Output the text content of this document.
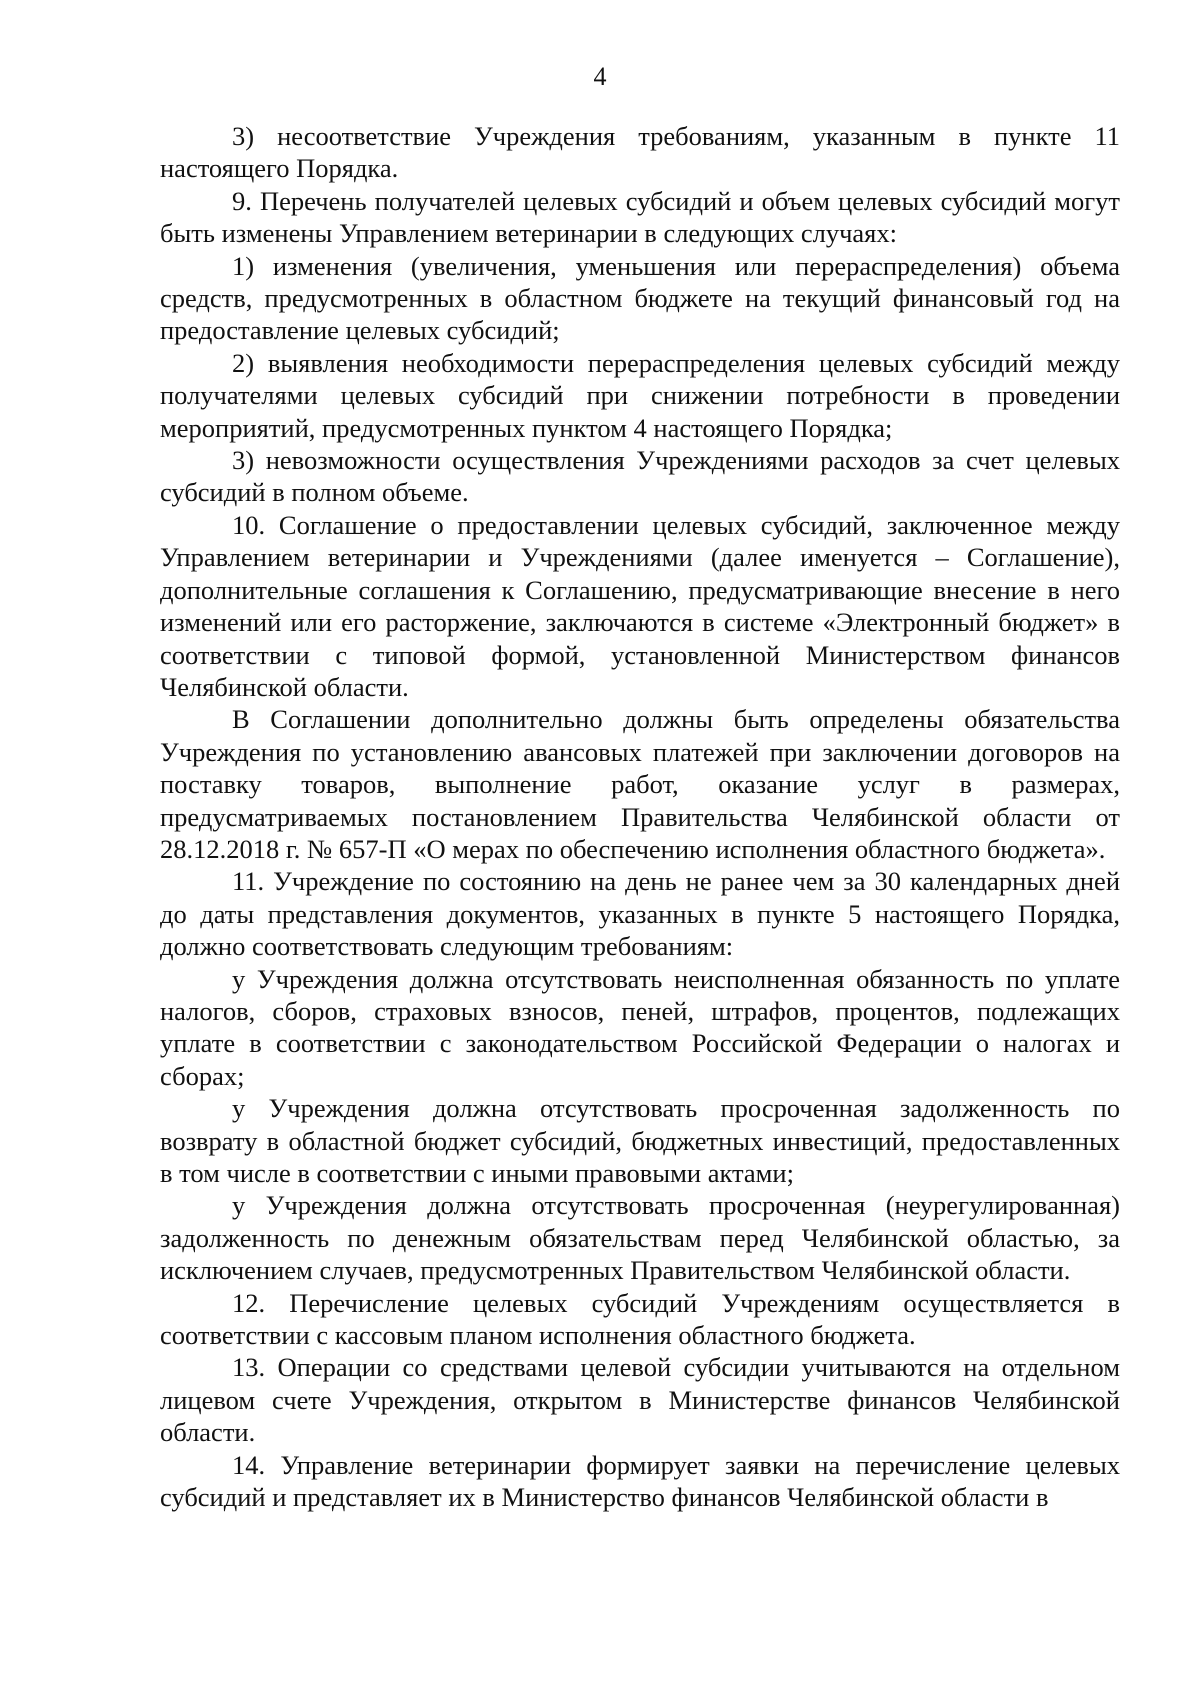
4

3) несоответствие Учреждения требованиям, указанным в пункте 11 настоящего Порядка.

9. Перечень получателей целевых субсидий и объем целевых субсидий могут быть изменены Управлением ветеринарии в следующих случаях:

1) изменения (увеличения, уменьшения или перераспределения) объема средств, предусмотренных в областном бюджете на текущий финансовый год на предоставление целевых субсидий;

2) выявления необходимости перераспределения целевых субсидий между получателями целевых субсидий при снижении потребности в проведении мероприятий, предусмотренных пунктом 4 настоящего Порядка;

3) невозможности осуществления Учреждениями расходов за счет целевых субсидий в полном объеме.

10. Соглашение о предоставлении целевых субсидий, заключенное между Управлением ветеринарии и Учреждениями (далее именуется – Соглашение), дополнительные соглашения к Соглашению, предусматривающие внесение в него изменений или его расторжение, заключаются в системе «Электронный бюджет» в соответствии с типовой формой, установленной Министерством финансов Челябинской области.

В Соглашении дополнительно должны быть определены обязательства Учреждения по установлению авансовых платежей при заключении договоров на поставку товаров, выполнение работ, оказание услуг в размерах, предусматриваемых постановлением Правительства Челябинской области от 28.12.2018 г. № 657-П «О мерах по обеспечению исполнения областного бюджета».

11. Учреждение по состоянию на день не ранее чем за 30 календарных дней до даты представления документов, указанных в пункте 5 настоящего Порядка, должно соответствовать следующим требованиям:

у Учреждения должна отсутствовать неисполненная обязанность по уплате налогов, сборов, страховых взносов, пеней, штрафов, процентов, подлежащих уплате в соответствии с законодательством Российской Федерации о налогах и сборах;

у Учреждения должна отсутствовать просроченная задолженность по возврату в областной бюджет субсидий, бюджетных инвестиций, предоставленных в том числе в соответствии с иными правовыми актами;

у Учреждения должна отсутствовать просроченная (неурегулированная) задолженность по денежным обязательствам перед Челябинской областью, за исключением случаев, предусмотренных Правительством Челябинской области.

12. Перечисление целевых субсидий Учреждениям осуществляется в соответствии с кассовым планом исполнения областного бюджета.

13. Операции со средствами целевой субсидии учитываются на отдельном лицевом счете Учреждения, открытом в Министерстве финансов Челябинской области.

14. Управление ветеринарии формирует заявки на перечисление целевых субсидий и представляет их в Министерство финансов Челябинской области в
